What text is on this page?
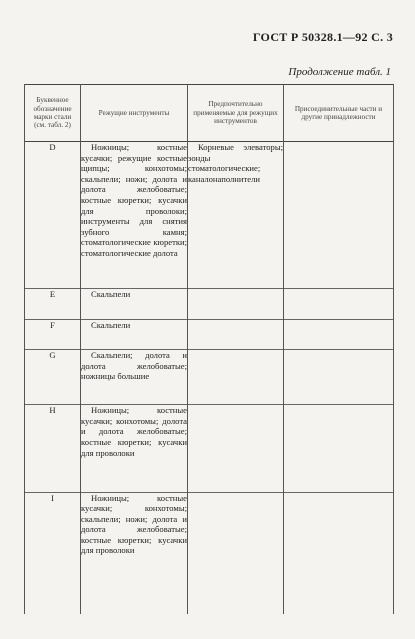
ГОСТ Р 50328.1—92 С. 3
Продолжение табл. 1
Буквенное обозначение марки стали (см. табл. 2)	Режущие инструменты	Предпочтительно применяемые для режущих инструментов	Присоединительные части и другие принадлежности
D	Ножницы; костные кусачки; режущие костные щипцы; конхотомы; скальпели; ножи; долота и долота желобоватые; костные кюретки; кусачки для проволоки; инструменты для снятия зубного камня; стоматологические кюретки; стоматологические долота	Корневые элеваторы; зонды стоматологические; каналонаполнители	
E	Скальпели		
F	Скальпели		
G	Скальпели; долота и долота желобоватые; ножницы большие		
H	Ножницы; костные кусачки; конхотомы; долота и долота желобоватые; костные кюретки; кусачки для проволоки		
I	Ножницы; костные кусачки; конхотомы; скальпели; ножи; долота и долота желобоватые; костные кюретки; кусачки для проволоки		
